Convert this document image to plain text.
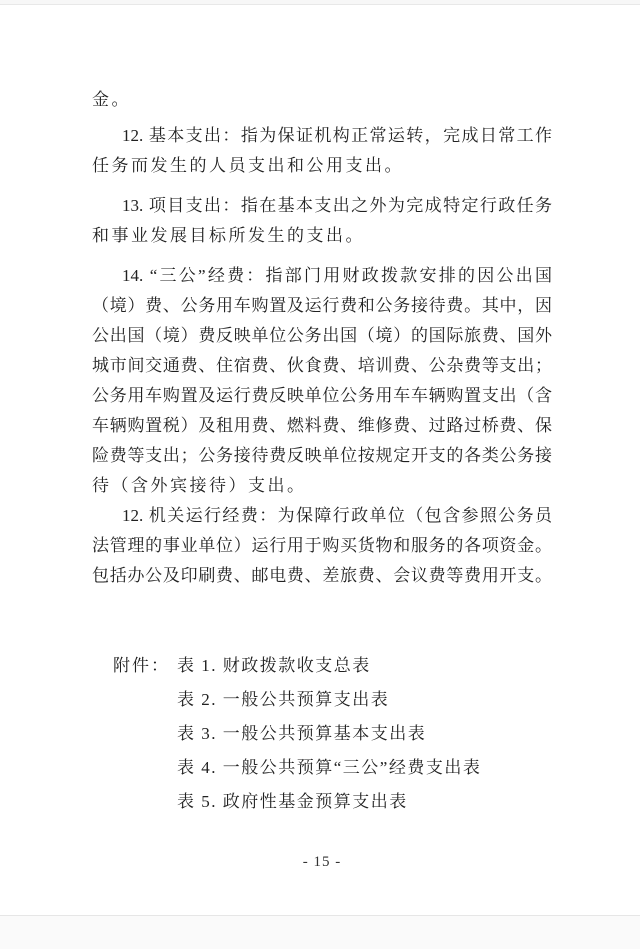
金。
12. 基本支出：指为保证机构正常运转，完成日常工作
任务而发生的人员支出和公用支出。
13. 项目支出：指在基本支出之外为完成特定行政任务
和事业发展目标所发生的支出。
14. “三公”经费：指部门用财政拨款安排的因公出国
（境）费、公务用车购置及运行费和公务接待费。其中，因
公出国（境）费反映单位公务出国（境）的国际旅费、国外
城市间交通费、住宿费、伙食费、培训费、公杂费等支出；
公务用车购置及运行费反映单位公务用车车辆购置支出（含
车辆购置税）及租用费、燃料费、维修费、过路过桥费、保
险费等支出；公务接待费反映单位按规定开支的各类公务接
待（含外宾接待）支出。
12. 机关运行经费：为保障行政单位（包含参照公务员
法管理的事业单位）运行用于购买货物和服务的各项资金。
包括办公及印刷费、邮电费、差旅费、会议费等费用开支。
附件： 表 1. 财政拨款收支总表
表 2. 一般公共预算支出表
表 3. 一般公共预算基本支出表
表 4. 一般公共预算“三公”经费支出表
表 5. 政府性基金预算支出表
- 15 -
